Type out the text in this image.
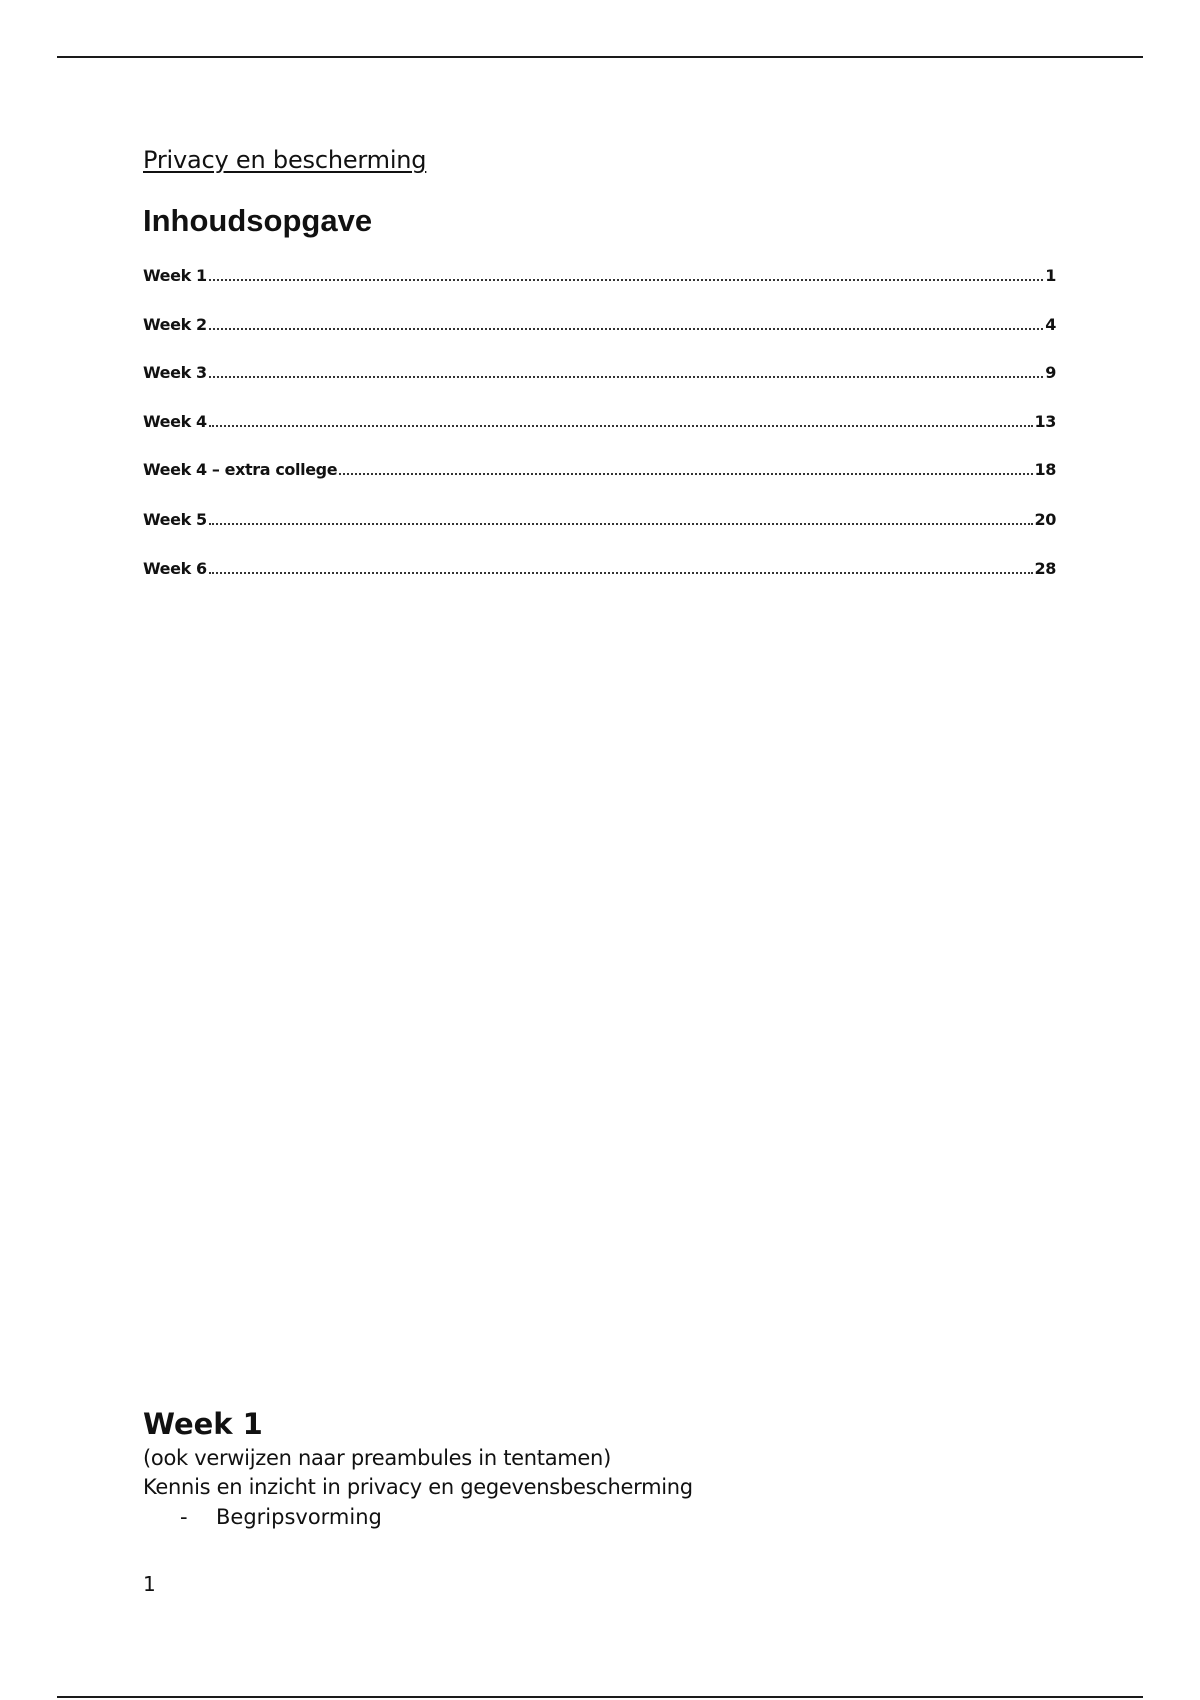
Privacy en bescherming
Inhoudsopgave
Week 1	1
Week 2	4
Week 3	9
Week 4	13
Week 4 – extra college	18
Week 5	20
Week 6	28
Week 1
(ook verwijzen naar preambules in tentamen)
Kennis en inzicht in privacy en gegevensbescherming
-	Begripsvorming
1
